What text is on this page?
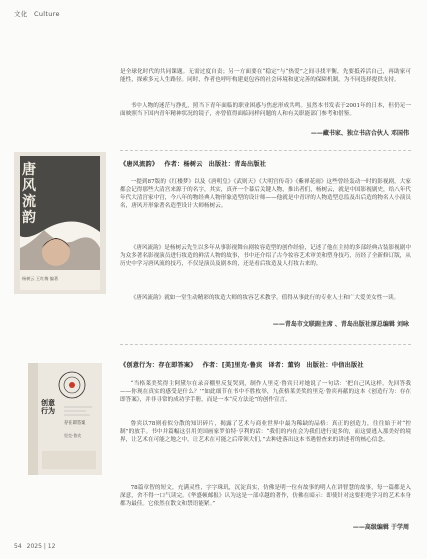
文化 Culture

是全球化时代的共同课题。无需过度自责；另一方面要在“稳定”与“热爱”之间寻找平衡，先要抵养活自己，再助家可能性，探索多元人生路径。同时，作者也呼吁构建更包容的社会环境和更完善的保障机制，为不同选择提供支持。

书中人物的迷茫与挣扎，照当下青年面临的职业困惑与焦虑形成共鸣。虽然本书发表于2001年的日本，但仍足一面映照当下国内青年精神状况的镜子，亦曾值得面临同样问题的人和有关职能部门参考和借鉴。

——藏书家、独立书店合伙人 邓国伟
唐风流韵
杨树云 王红梅 编著
《唐风流韵》 作者：杨树云 出版社：青岛出版社

一提到87版的《红楼梦》以及《唐明皇》《武则天》《大明宫传奇》《紫禅花雨》这些曾经轰动一时的影视剧，大家都会记得那些大清宫来源于的名字，其实，真齐一个幕后关键人物，推出者们，杨树云，就是中国影视剧史，给八年代年代大清宫家中宫，今八年的物经典人物形象造型的设计师——他就是中青评的人物造型总监及出后造的物名人小演员名，唐风开形象著名造型设计大师杨树云。

《唐风流韵》是杨树云先生以多年从事影视舞台剧妆容造型的创作经验，记述了他在主持的多部经典古装影视剧中为众多著名影视演员进行妆造的鲜活人物的故事，书中还介绍了古今妆容艺术审美和塑身技巧，历经了全新修订版，从历史中学习唐风流的技巧，不仅是演员及剧本的，还是看后妆造及人打妆古来的。

《唐风流韵》就如一堂生动精彩的妆造大师的妆容艺术教学，值得从事此行的专业人士和广大爱美女性一读。

——青岛市文联副主席 、青岛出版社原总编辑 刘咏
创意行为
存在即答案
里克·鲁宾
《创意行为：存在即答案》 作者：[美]里克·鲁宾 译者：董钧 出版社：中信出版社

“当格莱美奖得主阿黛尔在录音棚里反复哭到，制作人里克·鲁宾只对她说了一句话：‘把自己风这样，先回答我——你现在真实的感受是什么？’”如此细节在书中不胜枚举，九获格莱美奖的里克·鲁宾再献的这本《创造行为：存在即答案》，并非寻常的成功学手册，而是一本“反方法论”的创作宣言。

鲁宾以78则看似分散的知识碎片，揭露了艺术与商业世界中最为稀缺的品格：真正的创造力，往往始于对“控制”的放手。书中并篇幅这引用美国画家罗伯特·亨利的话：“我们的内在会为我们进行更多的，而这要逃入那美好的境界，让艺术在可能之地之中，让艺术在可能之后带领大们，”去种进落出这本书遇督查来的讲述者的核心信念。

78篇章智的短文，充满灵性，字字珠玑，沉淀真实，仿佛是明一位有故事的明人在讲智慧的故事，每一篇都是入深意，舍不得一口气读完。《华盛顿邮报》认为这是一部卓越的著作，仿佛在暗示：即使针对这要拒绝学习的艺术本身都为最佳。它依然在散文和禁语能紧。”

——高级编辑 于学周
54 2025 | 12
